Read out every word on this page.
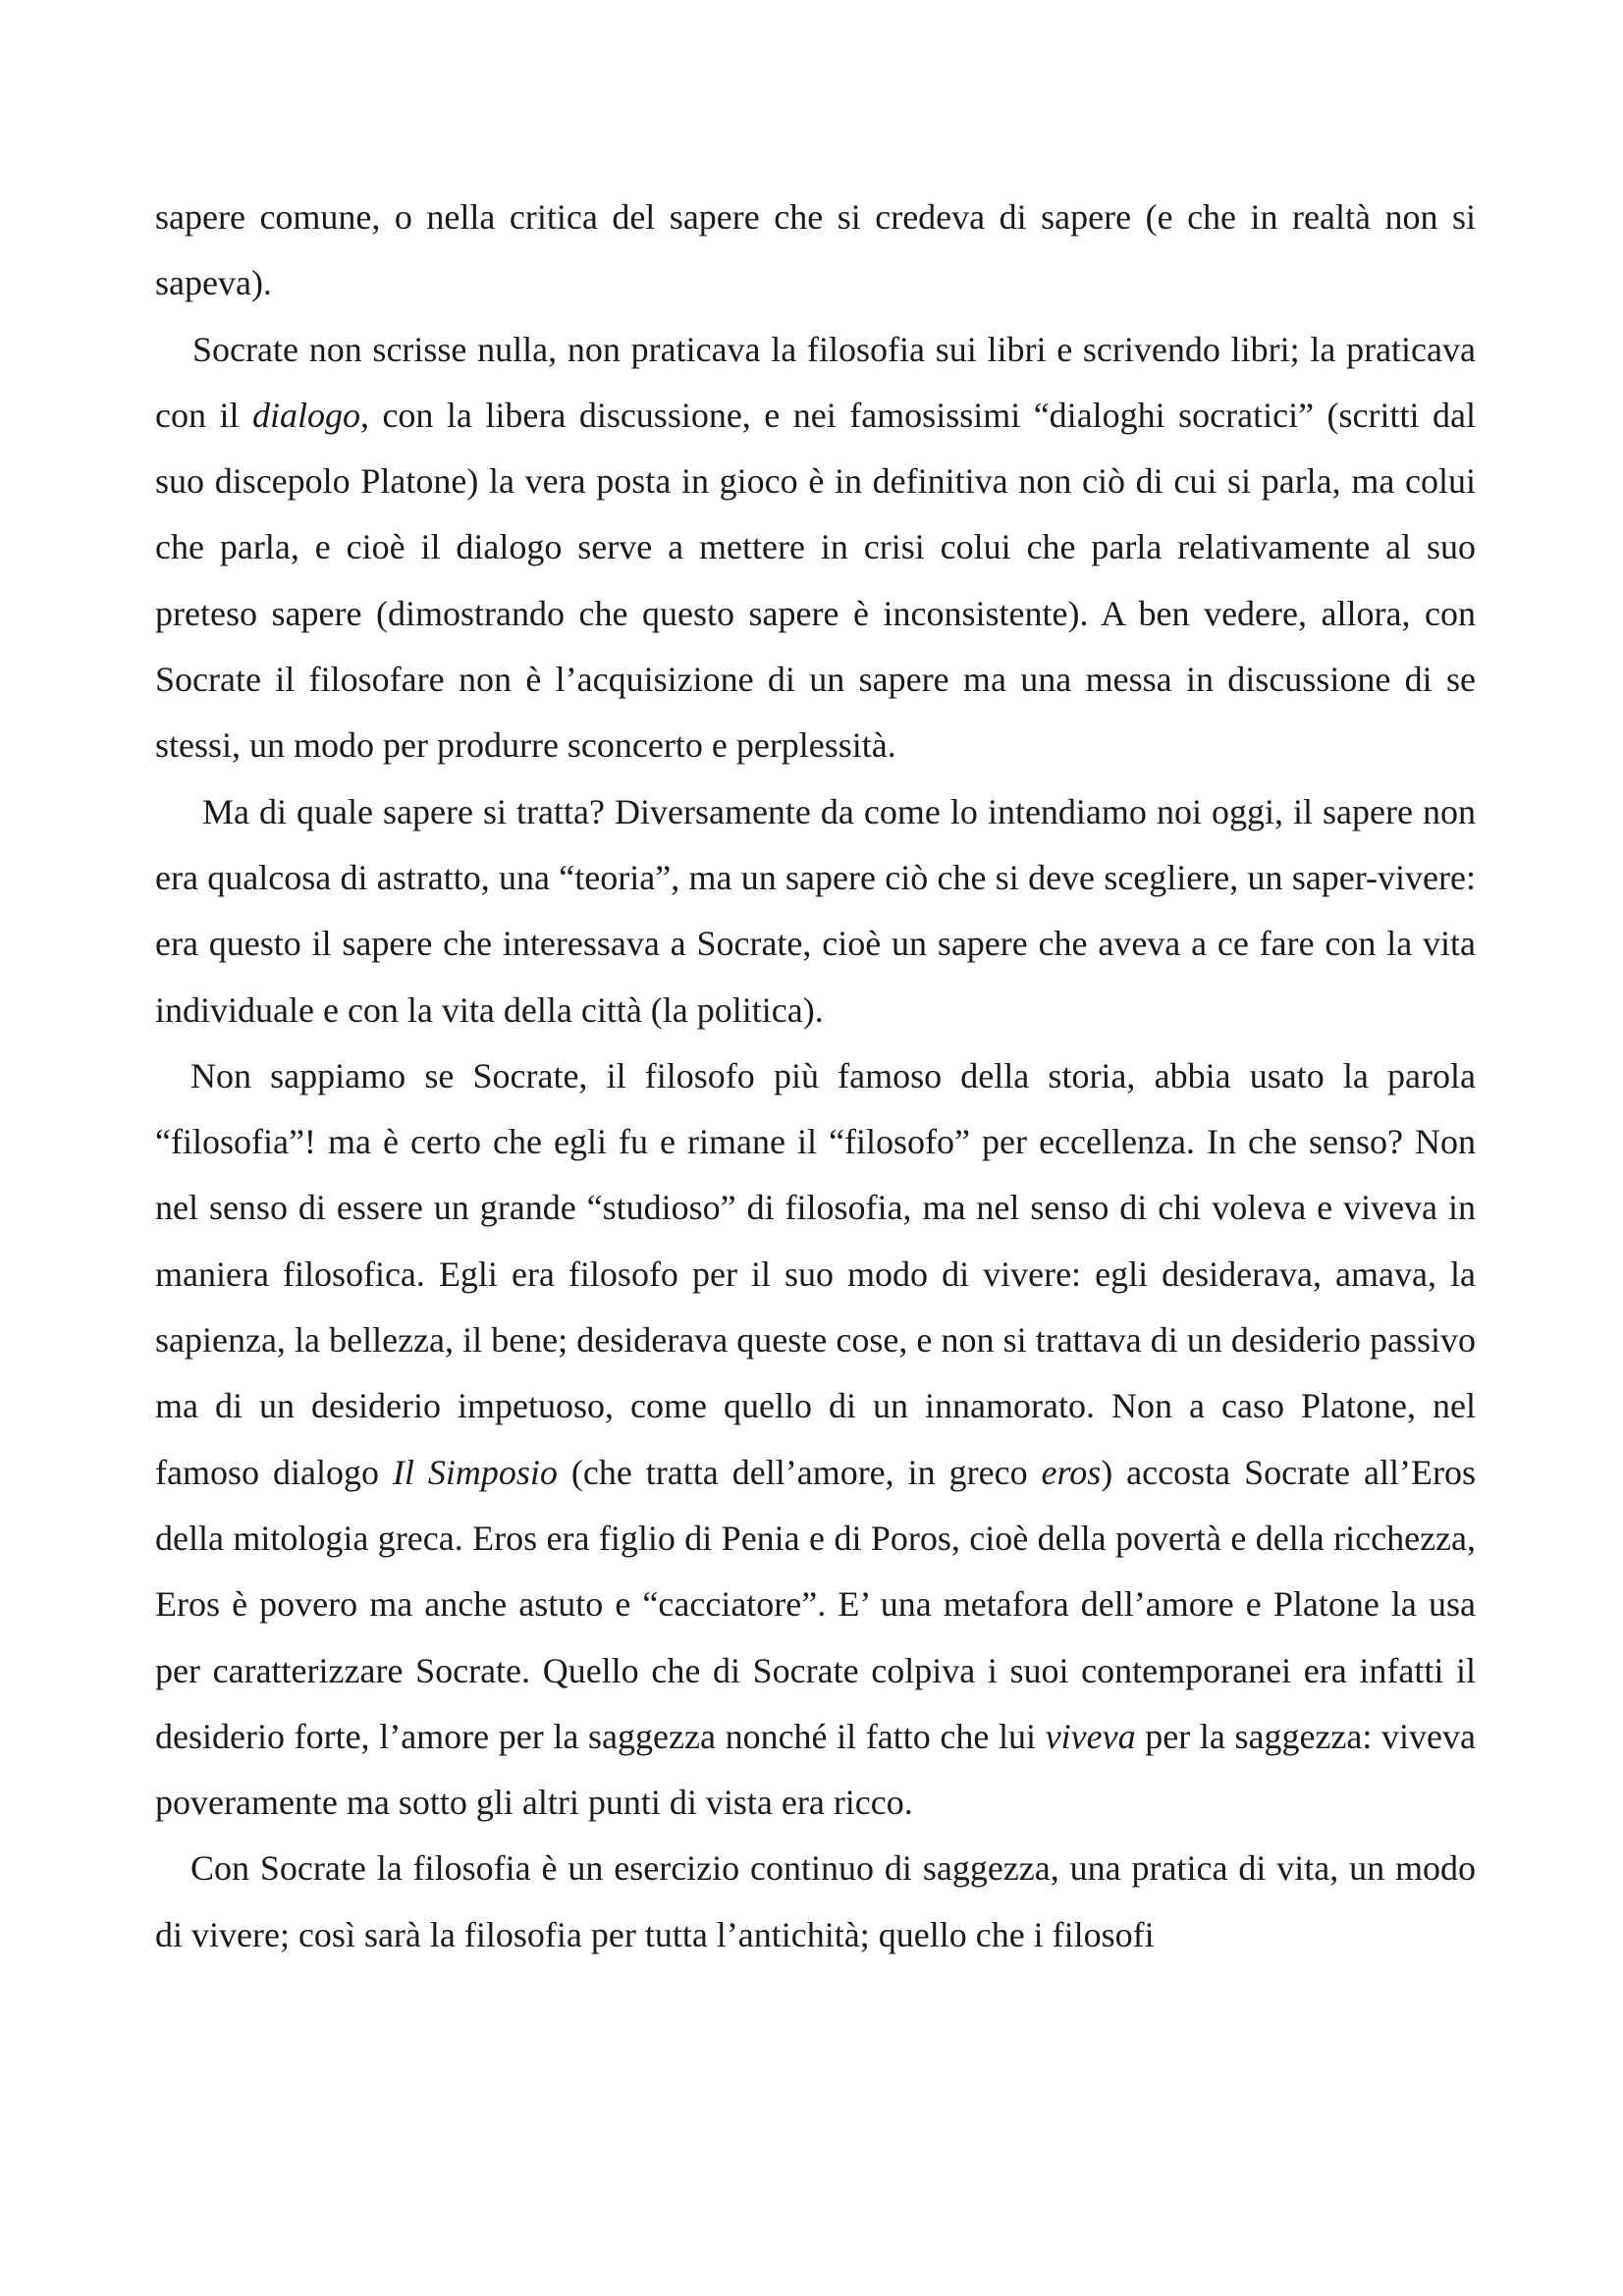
sapere comune, o nella critica del sapere che si credeva di sapere (e che in realtà non si sapeva).

Socrate non scrisse nulla, non praticava la filosofia sui libri e scrivendo libri; la praticava con il dialogo, con la libera discussione, e nei famosissimi “dialoghi socratici” (scritti dal suo discepolo Platone) la vera posta in gioco è in definitiva non ciò di cui si parla, ma colui che parla, e cioè il dialogo serve a mettere in crisi colui che parla relativamente al suo preteso sapere (dimostrando che questo sapere è inconsistente). A ben vedere, allora, con Socrate il filosofare non è l’acquisizione di un sapere ma una messa in discussione di se stessi, un modo per produrre sconcerto e perplessità.

Ma di quale sapere si tratta? Diversamente da come lo intendiamo noi oggi, il sapere non era qualcosa di astratto, una “teoria”, ma un sapere ciò che si deve scegliere, un saper-vivere: era questo il sapere che interessava a Socrate, cioè un sapere che aveva a ce fare con la vita individuale e con la vita della città (la politica).

Non sappiamo se Socrate, il filosofo più famoso della storia, abbia usato la parola “filosofia”! ma è certo che egli fu e rimane il “filosofo” per eccellenza. In che senso? Non nel senso di essere un grande “studioso” di filosofia, ma nel senso di chi voleva e viveva in maniera filosofica. Egli era filosofo per il suo modo di vivere: egli desiderava, amava, la sapienza, la bellezza, il bene; desiderava queste cose, e non si trattava di un desiderio passivo ma di un desiderio impetuoso, come quello di un innamorato. Non a caso Platone, nel famoso dialogo Il Simposio (che tratta dell’amore, in greco eros) accosta Socrate all’Eros della mitologia greca. Eros era figlio di Penia e di Poros, cioè della povertà e della ricchezza, Eros è povero ma anche astuto e “cacciatore”. E’ una metafora dell’amore e Platone la usa per caratterizzare Socrate. Quello che di Socrate colpiva i suoi contemporanei era infatti il desiderio forte, l’amore per la saggezza nonché il fatto che lui viveva per la saggezza: viveva poveramente ma sotto gli altri punti di vista era ricco.

Con Socrate la filosofia è un esercizio continuo di saggezza, una pratica di vita, un modo di vivere; così sarà la filosofia per tutta l’antichità; quello che i filosofi
